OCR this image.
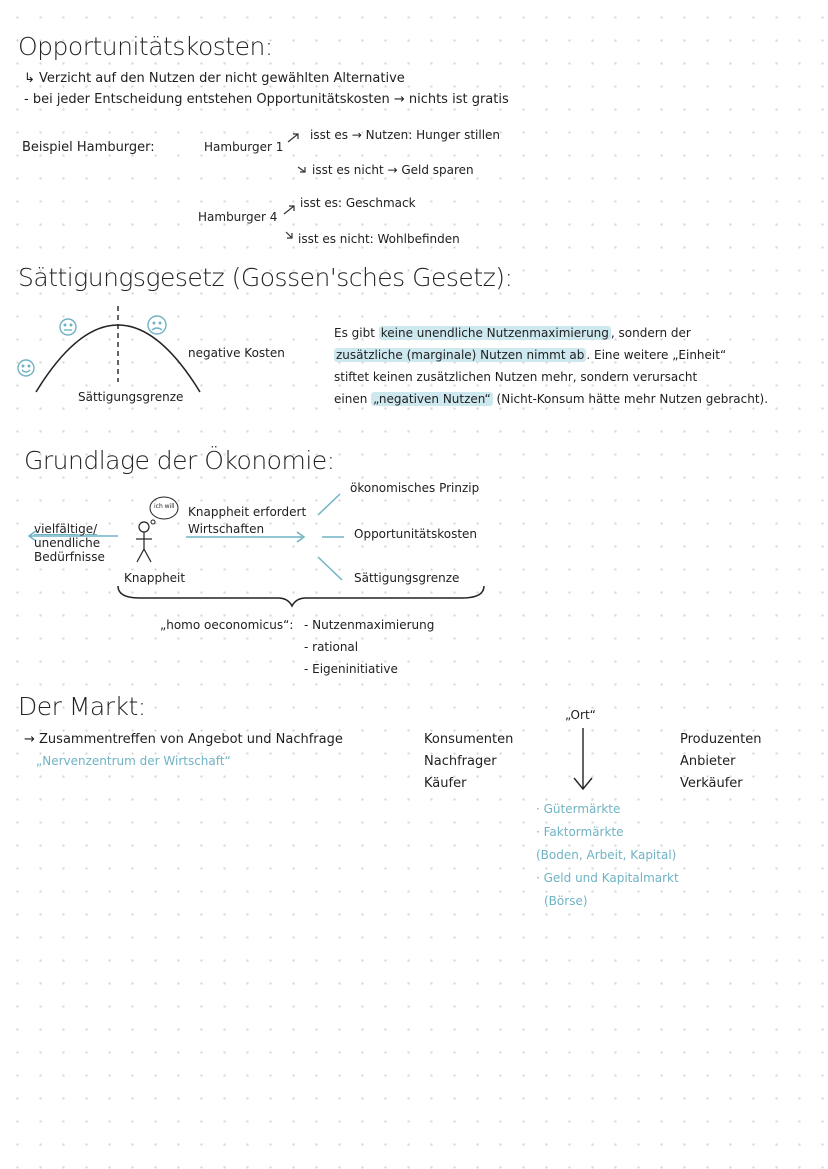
Opportunitätskosten:
↳ Verzicht auf den Nutzen der nicht gewählten Alternative
- bei jeder Entscheidung entstehen Opportunitätskosten → nichts ist gratis
Beispiel Hamburger:	Hamburger 1
isst es → Nutzen: Hunger stillen
isst es nicht → Geld sparen
Hamburger 4
isst es: Geschmack
isst es nicht: Wohlbefinden
Sättigungsgesetz (Gossen'sches Gesetz):
negative Kosten
Sättigungsgrenze
Es gibt keine unendliche Nutzenmaximierung , sondern der
zusätzliche (marginale) Nutzen nimmt ab . Eine weitere „Einheit“
stiftet keinen zusätzlichen Nutzen mehr, sondern verursacht
einen „negativen Nutzen“ (Nicht-Konsum hätte mehr Nutzen gebracht).
Grundlage der Ökonomie:
ich will
vielfältige/
unendliche
Bedürfnisse
Knappheit
Knappheit erfordert
Wirtschaften
ökonomisches Prinzip
Opportunitätskosten
Sättigungsgrenze
„homo oeconomicus“: - Nutzenmaximierung
- rational
- Eigeninitiative
Der Markt:
→ Zusammentreffen von Angebot und Nachfrage
„Nervenzentrum der Wirtschaft“
Konsumenten
Nachfrager
Käufer
„Ort“
Produzenten
Anbieter
Verkäufer
· Gütermärkte
· Faktormärkte
(Boden, Arbeit, Kapital)
· Geld und Kapitalmarkt
(Börse)
